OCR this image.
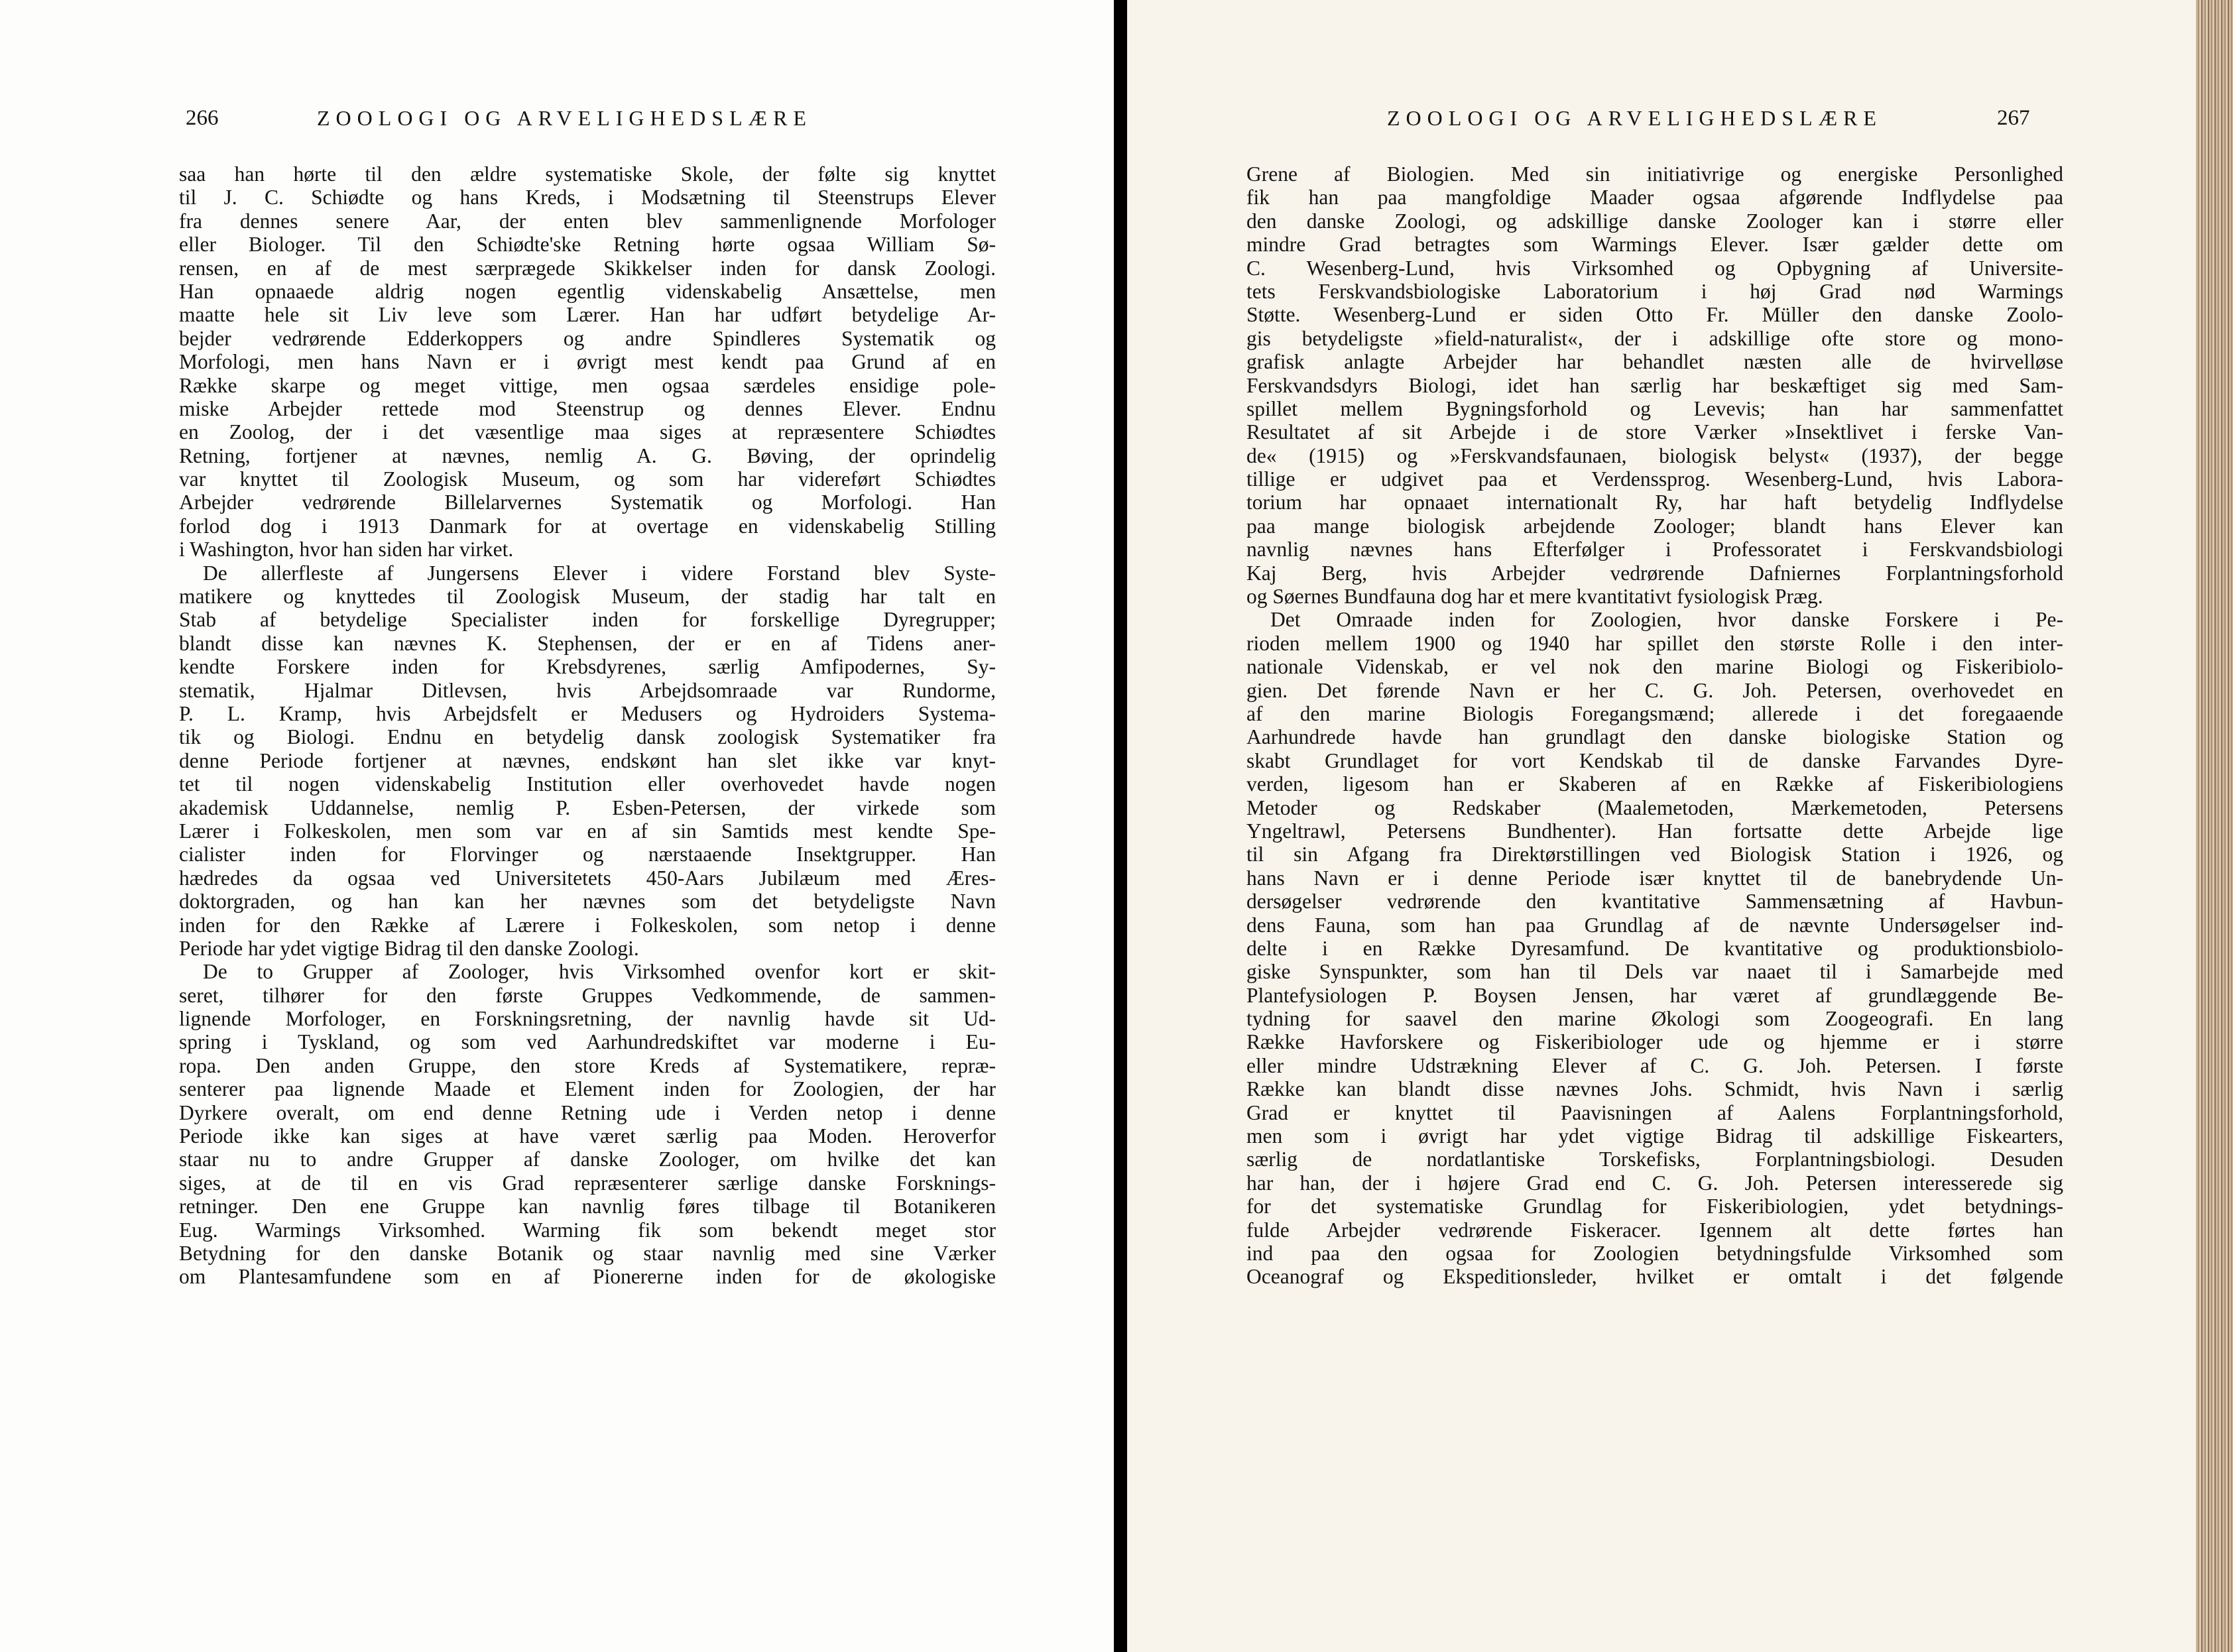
266	ZOOLOGI OG ARVELIGHEDSLÆRE
saa han hørte til den ældre systematiske Skole, der følte sig knyttet
til J. C. Schiødte og hans Kreds, i Modsætning til Steenstrups Elever
fra dennes senere Aar, der enten blev sammenlignende Morfologer
eller Biologer. Til den Schiødte'ske Retning hørte ogsaa William Sø-
rensen, en af de mest særprægede Skikkelser inden for dansk Zoologi.
Han opnaaede aldrig nogen egentlig videnskabelig Ansættelse, men
maatte hele sit Liv leve som Lærer. Han har udført betydelige Ar-
bejder vedrørende Edderkoppers og andre Spindleres Systematik og
Morfologi, men hans Navn er i øvrigt mest kendt paa Grund af en
Række skarpe og meget vittige, men ogsaa særdeles ensidige pole-
miske Arbejder rettede mod Steenstrup og dennes Elever. Endnu
en Zoolog, der i det væsentlige maa siges at repræsentere Schiødtes
Retning, fortjener at nævnes, nemlig A. G. Bøving, der oprindelig
var knyttet til Zoologisk Museum, og som har videreført Schiødtes
Arbejder vedrørende Billelarvernes Systematik og Morfologi. Han
forlod dog i 1913 Danmark for at overtage en videnskabelig Stilling
i Washington, hvor han siden har virket.
De allerfleste af Jungersens Elever i videre Forstand blev Syste-
matikere og knyttedes til Zoologisk Museum, der stadig har talt en
Stab af betydelige Specialister inden for forskellige Dyregrupper;
blandt disse kan nævnes K. Stephensen, der er en af Tidens aner-
kendte Forskere inden for Krebsdyrenes, særlig Amfipodernes, Sy-
stematik, Hjalmar Ditlevsen, hvis Arbejdsomraade var Rundorme,
P. L. Kramp, hvis Arbejdsfelt er Medusers og Hydroiders Systema-
tik og Biologi. Endnu en betydelig dansk zoologisk Systematiker fra
denne Periode fortjener at nævnes, endskønt han slet ikke var knyt-
tet til nogen videnskabelig Institution eller overhovedet havde nogen
akademisk Uddannelse, nemlig P. Esben-Petersen, der virkede som
Lærer i Folkeskolen, men som var en af sin Samtids mest kendte Spe-
cialister inden for Florvinger og nærstaaende Insektgrupper. Han
hædredes da ogsaa ved Universitetets 450-Aars Jubilæum med Æres-
doktorgraden, og han kan her nævnes som det betydeligste Navn
inden for den Række af Lærere i Folkeskolen, som netop i denne
Periode har ydet vigtige Bidrag til den danske Zoologi.
De to Grupper af Zoologer, hvis Virksomhed ovenfor kort er skit-
seret, tilhører for den første Gruppes Vedkommende, de sammen-
lignende Morfologer, en Forskningsretning, der navnlig havde sit Ud-
spring i Tyskland, og som ved Aarhundredskiftet var moderne i Eu-
ropa. Den anden Gruppe, den store Kreds af Systematikere, repræ-
senterer paa lignende Maade et Element inden for Zoologien, der har
Dyrkere overalt, om end denne Retning ude i Verden netop i denne
Periode ikke kan siges at have været særlig paa Moden. Heroverfor
staar nu to andre Grupper af danske Zoologer, om hvilke det kan
siges, at de til en vis Grad repræsenterer særlige danske Forsknings-
retninger. Den ene Gruppe kan navnlig føres tilbage til Botanikeren
Eug. Warmings Virksomhed. Warming fik som bekendt meget stor
Betydning for den danske Botanik og staar navnlig med sine Værker
om Plantesamfundene som en af Pionererne inden for de økologiske
ZOOLOGI OG ARVELIGHEDSLÆRE	267
Grene af Biologien. Med sin initiativrige og energiske Personlighed
fik han paa mangfoldige Maader ogsaa afgørende Indflydelse paa
den danske Zoologi, og adskillige danske Zoologer kan i større eller
mindre Grad betragtes som Warmings Elever. Især gælder dette om
C. Wesenberg-Lund, hvis Virksomhed og Opbygning af Universite-
tets Ferskvandsbiologiske Laboratorium i høj Grad nød Warmings
Støtte. Wesenberg-Lund er siden Otto Fr. Müller den danske Zoolo-
gis betydeligste »field-naturalist«, der i adskillige ofte store og mono-
grafisk anlagte Arbejder har behandlet næsten alle de hvirvelløse
Ferskvandsdyrs Biologi, idet han særlig har beskæftiget sig med Sam-
spillet mellem Bygningsforhold og Levevis; han har sammenfattet
Resultatet af sit Arbejde i de store Værker »Insektlivet i ferske Van-
de« (1915) og »Ferskvandsfaunaen, biologisk belyst« (1937), der begge
tillige er udgivet paa et Verdenssprog. Wesenberg-Lund, hvis Labora-
torium har opnaaet internationalt Ry, har haft betydelig Indflydelse
paa mange biologisk arbejdende Zoologer; blandt hans Elever kan
navnlig nævnes hans Efterfølger i Professoratet i Ferskvandsbiologi
Kaj Berg, hvis Arbejder vedrørende Dafniernes Forplantningsforhold
og Søernes Bundfauna dog har et mere kvantitativt fysiologisk Præg.
Det Omraade inden for Zoologien, hvor danske Forskere i Pe-
rioden mellem 1900 og 1940 har spillet den største Rolle i den inter-
nationale Videnskab, er vel nok den marine Biologi og Fiskeribiolo-
gien. Det førende Navn er her C. G. Joh. Petersen, overhovedet en
af den marine Biologis Foregangsmænd; allerede i det foregaaende
Aarhundrede havde han grundlagt den danske biologiske Station og
skabt Grundlaget for vort Kendskab til de danske Farvandes Dyre-
verden, ligesom han er Skaberen af en Række af Fiskeribiologiens
Metoder og Redskaber (Maalemetoden, Mærkemetoden, Petersens
Yngeltrawl, Petersens Bundhenter). Han fortsatte dette Arbejde lige
til sin Afgang fra Direktørstillingen ved Biologisk Station i 1926, og
hans Navn er i denne Periode især knyttet til de banebrydende Un-
dersøgelser vedrørende den kvantitative Sammensætning af Havbun-
dens Fauna, som han paa Grundlag af de nævnte Undersøgelser ind-
delte i en Række Dyresamfund. De kvantitative og produktionsbiolo-
giske Synspunkter, som han til Dels var naaet til i Samarbejde med
Plantefysiologen P. Boysen Jensen, har været af grundlæggende Be-
tydning for saavel den marine Økologi som Zoogeografi. En lang
Række Havforskere og Fiskeribiologer ude og hjemme er i større
eller mindre Udstrækning Elever af C. G. Joh. Petersen. I første
Række kan blandt disse nævnes Johs. Schmidt, hvis Navn i særlig
Grad er knyttet til Paavisningen af Aalens Forplantningsforhold,
men som i øvrigt har ydet vigtige Bidrag til adskillige Fiskearters,
særlig de nordatlantiske Torskefisks, Forplantningsbiologi. Desuden
har han, der i højere Grad end C. G. Joh. Petersen interesserede sig
for det systematiske Grundlag for Fiskeribiologien, ydet betydnings-
fulde Arbejder vedrørende Fiskeracer. Igennem alt dette førtes han
ind paa den ogsaa for Zoologien betydningsfulde Virksomhed som
Oceanograf og Ekspeditionsleder, hvilket er omtalt i det følgende
